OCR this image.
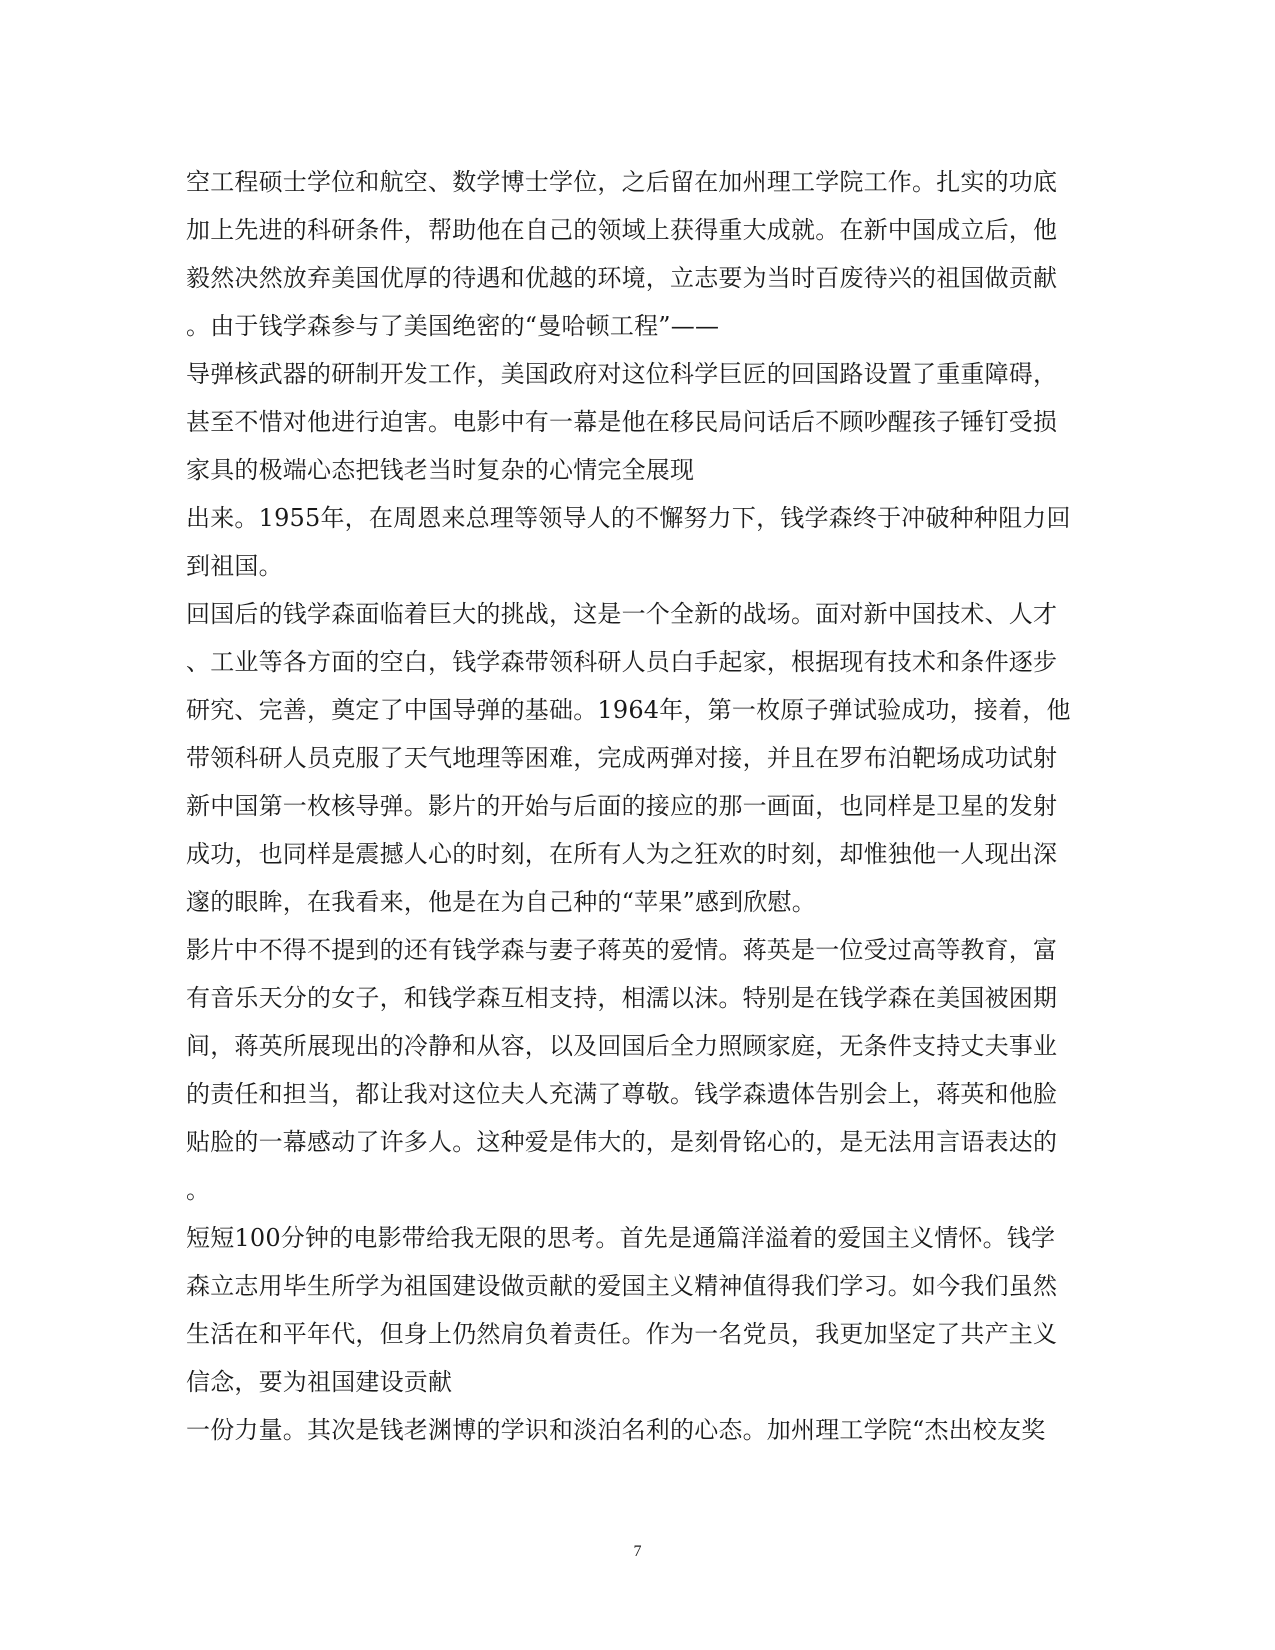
空工程硕士学位和航空、数学博士学位，之后留在加州理工学院工作。扎实的功底
加上先进的科研条件，帮助他在自己的领域上获得重大成就。在新中国成立后，他
毅然决然放弃美国优厚的待遇和优越的环境，立志要为当时百废待兴的祖国做贡献
。由于钱学森参与了美国绝密的“曼哈顿工程”——
导弹核武器的研制开发工作，美国政府对这位科学巨匠的回国路设置了重重障碍，
甚至不惜对他进行迫害。电影中有一幕是他在移民局问话后不顾吵醒孩子锤钉受损
家具的极端心态把钱老当时复杂的心情完全展现
出来。1955年，在周恩来总理等领导人的不懈努力下，钱学森终于冲破种种阻力回
到祖国。
回国后的钱学森面临着巨大的挑战，这是一个全新的战场。面对新中国技术、人才
、工业等各方面的空白，钱学森带领科研人员白手起家，根据现有技术和条件逐步
研究、完善，奠定了中国导弹的基础。1964年，第一枚原子弹试验成功，接着，他
带领科研人员克服了天气地理等困难，完成两弹对接，并且在罗布泊靶场成功试射
新中国第一枚核导弹。影片的开始与后面的接应的那一画面，也同样是卫星的发射
成功，也同样是震撼人心的时刻，在所有人为之狂欢的时刻，却惟独他一人现出深
邃的眼眸，在我看来，他是在为自己种的“苹果”感到欣慰。
影片中不得不提到的还有钱学森与妻子蒋英的爱情。蒋英是一位受过高等教育，富
有音乐天分的女子，和钱学森互相支持，相濡以沫。特别是在钱学森在美国被困期
间，蒋英所展现出的冷静和从容，以及回国后全力照顾家庭，无条件支持丈夫事业
的责任和担当，都让我对这位夫人充满了尊敬。钱学森遗体告别会上，蒋英和他脸
贴脸的一幕感动了许多人。这种爱是伟大的，是刻骨铭心的，是无法用言语表达的
。
短短100分钟的电影带给我无限的思考。首先是通篇洋溢着的爱国主义情怀。钱学
森立志用毕生所学为祖国建设做贡献的爱国主义精神值得我们学习。如今我们虽然
生活在和平年代，但身上仍然肩负着责任。作为一名党员，我更加坚定了共产主义
信念，要为祖国建设贡献
一份力量。其次是钱老渊博的学识和淡泊名利的心态。加州理工学院“杰出校友奖
7
